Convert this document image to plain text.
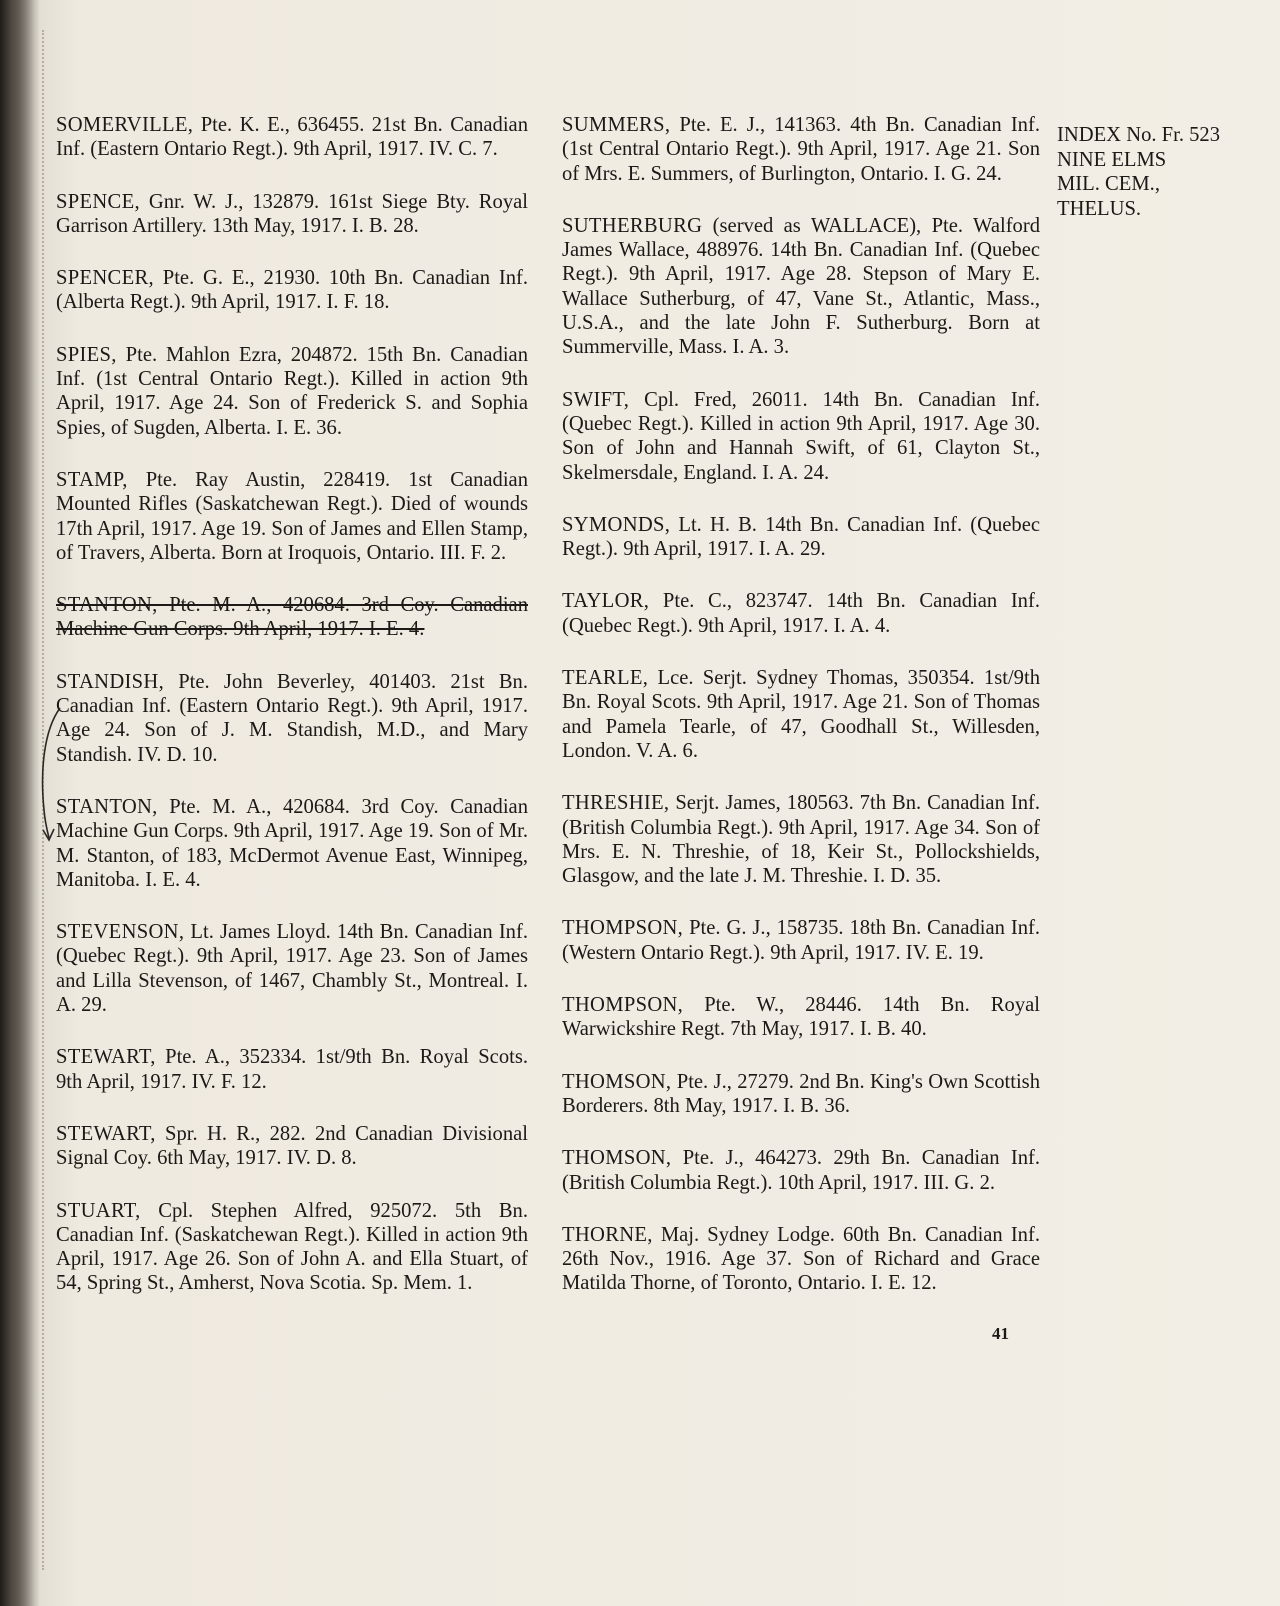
SOMERVILLE, Pte. K. E., 636455. 21st Bn. Canadian Inf. (Eastern Ontario Regt.). 9th April, 1917. IV. C. 7.
SPENCE, Gnr. W. J., 132879. 161st Siege Bty. Royal Garrison Artillery. 13th May, 1917. I. B. 28.
SPENCER, Pte. G. E., 21930. 10th Bn. Canadian Inf. (Alberta Regt.). 9th April, 1917. I. F. 18.
SPIES, Pte. Mahlon Ezra, 204872. 15th Bn. Canadian Inf. (1st Central Ontario Regt.). Killed in action 9th April, 1917. Age 24. Son of Frederick S. and Sophia Spies, of Sugden, Alberta. I. E. 36.
STAMP, Pte. Ray Austin, 228419. 1st Canadian Mounted Rifles (Saskatchewan Regt.). Died of wounds 17th April, 1917. Age 19. Son of James and Ellen Stamp, of Travers, Alberta. Born at Iroquois, Ontario. III. F. 2.
STANTON, Pte. M. A., 420684. 3rd Coy. Canadian Machine Gun Corps. 9th April, 1917. I. E. 4.
STANDISH, Pte. John Beverley, 401403. 21st Bn. Canadian Inf. (Eastern Ontario Regt.). 9th April, 1917. Age 24. Son of J. M. Standish, M.D., and Mary Standish. IV. D. 10.
STANTON, Pte. M. A., 420684. 3rd Coy. Canadian Machine Gun Corps. 9th April, 1917. Age 19. Son of Mr. M. Stanton, of 183, McDermot Avenue East, Winnipeg, Manitoba. I. E. 4.
STEVENSON, Lt. James Lloyd. 14th Bn. Canadian Inf. (Quebec Regt.). 9th April, 1917. Age 23. Son of James and Lilla Stevenson, of 1467, Chambly St., Montreal. I. A. 29.
STEWART, Pte. A., 352334. 1st/9th Bn. Royal Scots. 9th April, 1917. IV. F. 12.
STEWART, Spr. H. R., 282. 2nd Canadian Divisional Signal Coy. 6th May, 1917. IV. D. 8.
STUART, Cpl. Stephen Alfred, 925072. 5th Bn. Canadian Inf. (Saskatchewan Regt.). Killed in action 9th April, 1917. Age 26. Son of John A. and Ella Stuart, of 54, Spring St., Amherst, Nova Scotia. Sp. Mem. 1.
SUMMERS, Pte. E. J., 141363. 4th Bn. Canadian Inf. (1st Central Ontario Regt.). 9th April, 1917. Age 21. Son of Mrs. E. Summers, of Burlington, Ontario. I. G. 24.
SUTHERBURG (served as WALLACE), Pte. Walford James Wallace, 488976. 14th Bn. Canadian Inf. (Quebec Regt.). 9th April, 1917. Age 28. Stepson of Mary E. Wallace Sutherburg, of 47, Vane St., Atlantic, Mass., U.S.A., and the late John F. Sutherburg. Born at Summerville, Mass. I. A. 3.
SWIFT, Cpl. Fred, 26011. 14th Bn. Canadian Inf. (Quebec Regt.). Killed in action 9th April, 1917. Age 30. Son of John and Hannah Swift, of 61, Clayton St., Skelmersdale, England. I. A. 24.
SYMONDS, Lt. H. B. 14th Bn. Canadian Inf. (Quebec Regt.). 9th April, 1917. I. A. 29.
TAYLOR, Pte. C., 823747. 14th Bn. Canadian Inf. (Quebec Regt.). 9th April, 1917. I. A. 4.
TEARLE, Lce. Serjt. Sydney Thomas, 350354. 1st/9th Bn. Royal Scots. 9th April, 1917. Age 21. Son of Thomas and Pamela Tearle, of 47, Goodhall St., Willesden, London. V. A. 6.
THRESHIE, Serjt. James, 180563. 7th Bn. Canadian Inf. (British Columbia Regt.). 9th April, 1917. Age 34. Son of Mrs. E. N. Threshie, of 18, Keir St., Pollockshields, Glasgow, and the late J. M. Threshie. I. D. 35.
THOMPSON, Pte. G. J., 158735. 18th Bn. Canadian Inf. (Western Ontario Regt.). 9th April, 1917. IV. E. 19.
THOMPSON, Pte. W., 28446. 14th Bn. Royal Warwickshire Regt. 7th May, 1917. I. B. 40.
THOMSON, Pte. J., 27279. 2nd Bn. King's Own Scottish Borderers. 8th May, 1917. I. B. 36.
THOMSON, Pte. J., 464273. 29th Bn. Canadian Inf. (British Columbia Regt.). 10th April, 1917. III. G. 2.
THORNE, Maj. Sydney Lodge. 60th Bn. Canadian Inf. 26th Nov., 1916. Age 37. Son of Richard and Grace Matilda Thorne, of Toronto, Ontario. I. E. 12.
INDEX No. Fr. 523
NINE ELMS
MIL. CEM.,
THELUS.
41
